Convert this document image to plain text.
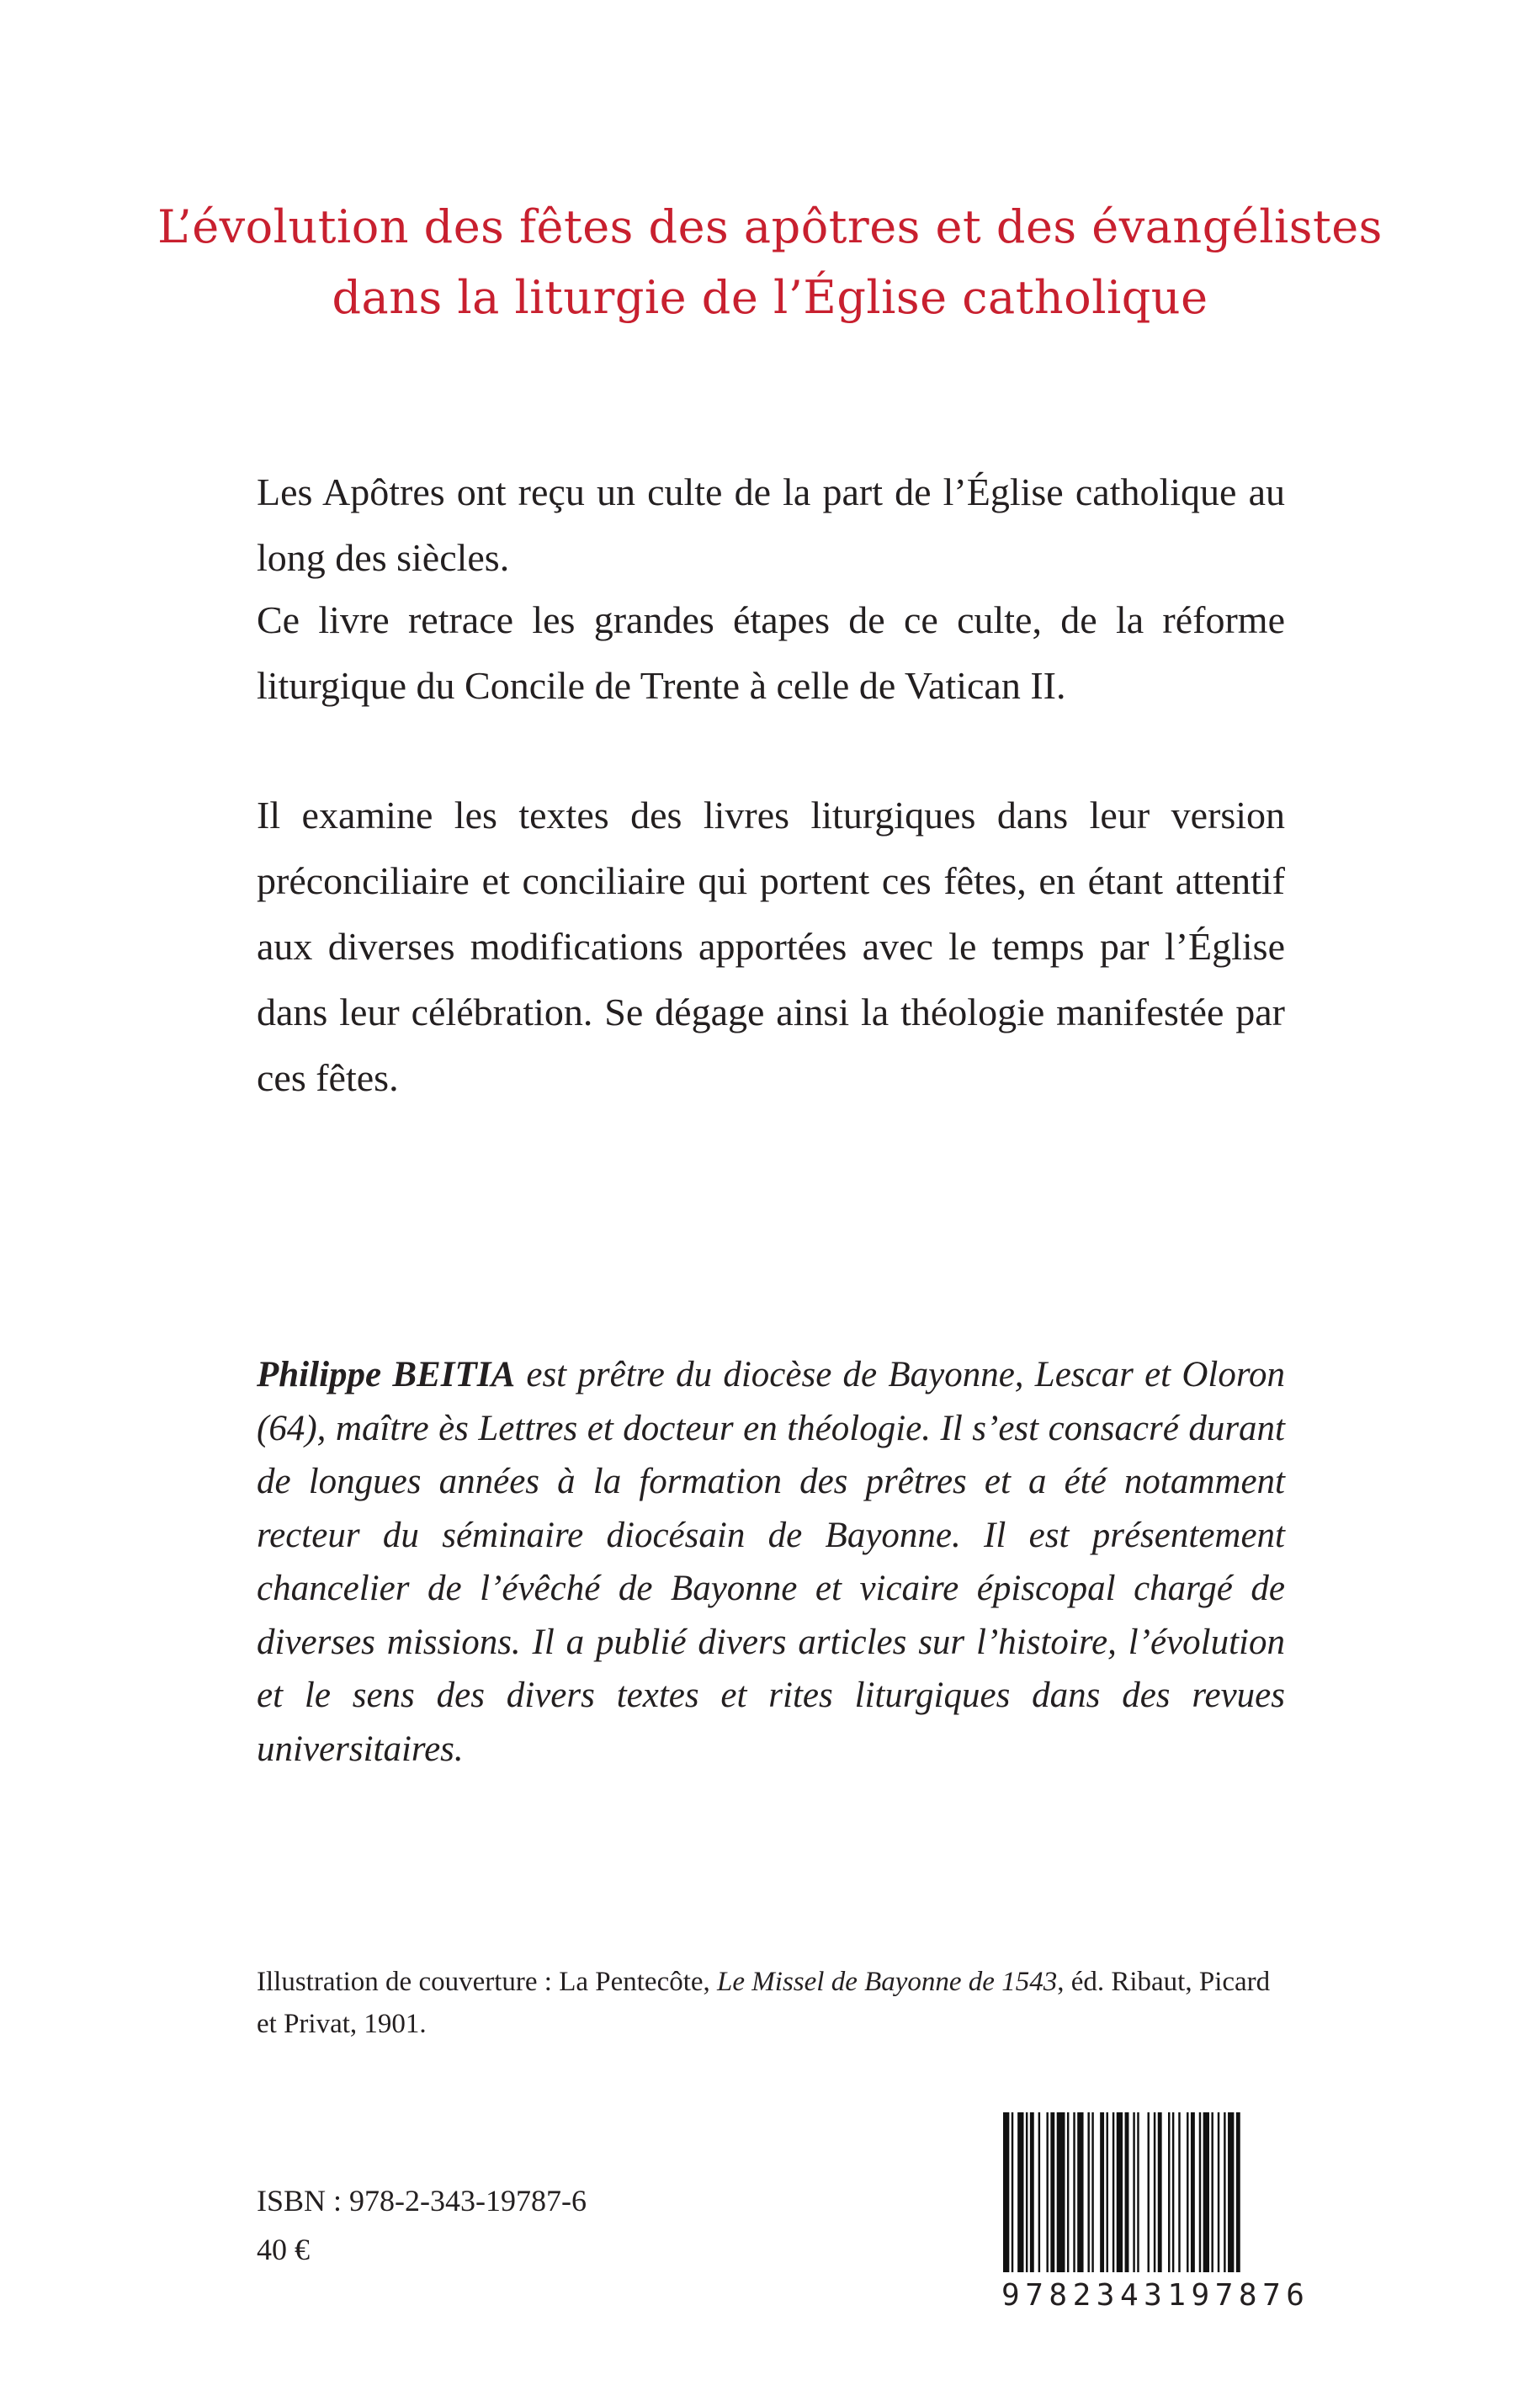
L’évolution des fêtes des apôtres et des évangélistes
dans la liturgie de l’Église catholique

Les Apôtres ont reçu un culte de la part de l’Église catholique au long des siècles.

Ce livre retrace les grandes étapes de ce culte, de la réforme liturgique du Concile de Trente à celle de Vatican II.

Il examine les textes des livres liturgiques dans leur version préconciliaire et conciliaire qui portent ces fêtes, en étant attentif aux diverses modifications apportées avec le temps par l’Église dans leur célébration. Se dégage ainsi la théologie manifestée par ces fêtes.

Philippe BEITIA est prêtre du diocèse de Bayonne, Lescar et Oloron (64), maître ès Lettres et docteur en théologie. Il s’est consacré durant de longues années à la formation des prêtres et a été notamment recteur du séminaire diocésain de Bayonne. Il est présentement chancelier de l’évêché de Bayonne et vicaire épiscopal chargé de diverses missions. Il a publié divers articles sur l’histoire, l’évolution et le sens des divers textes et rites liturgiques dans des revues universitaires.
Illustration de couverture : La Pentecôte, Le Missel de Bayonne de 1543, éd. Ribaut, Picard et Privat, 1901.
ISBN : 978-2-343-19787-6
40 €
9 7 8 2 3 4 3 1 9 7 8 7 6
